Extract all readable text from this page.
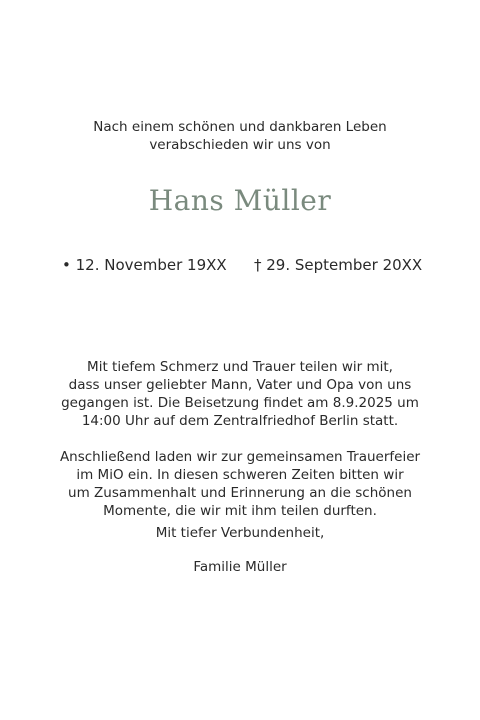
Nach einem schönen und dankbaren Leben
verabschieden wir uns von
Hans Müller
• 12. November 19XX † 29. September 20XX
Mit tiefem Schmerz und Trauer teilen wir mit,
dass unser geliebter Mann, Vater und Opa von uns
gegangen ist. Die Beisetzung findet am 8.9.2025 um
14:00 Uhr auf dem Zentralfriedhof Berlin statt.
Anschließend laden wir zur gemeinsamen Trauerfeier
im MiO ein. In diesen schweren Zeiten bitten wir
um Zusammenhalt und Erinnerung an die schönen
Momente, die wir mit ihm teilen durften.
Mit tiefer Verbundenheit,
Familie Müller
